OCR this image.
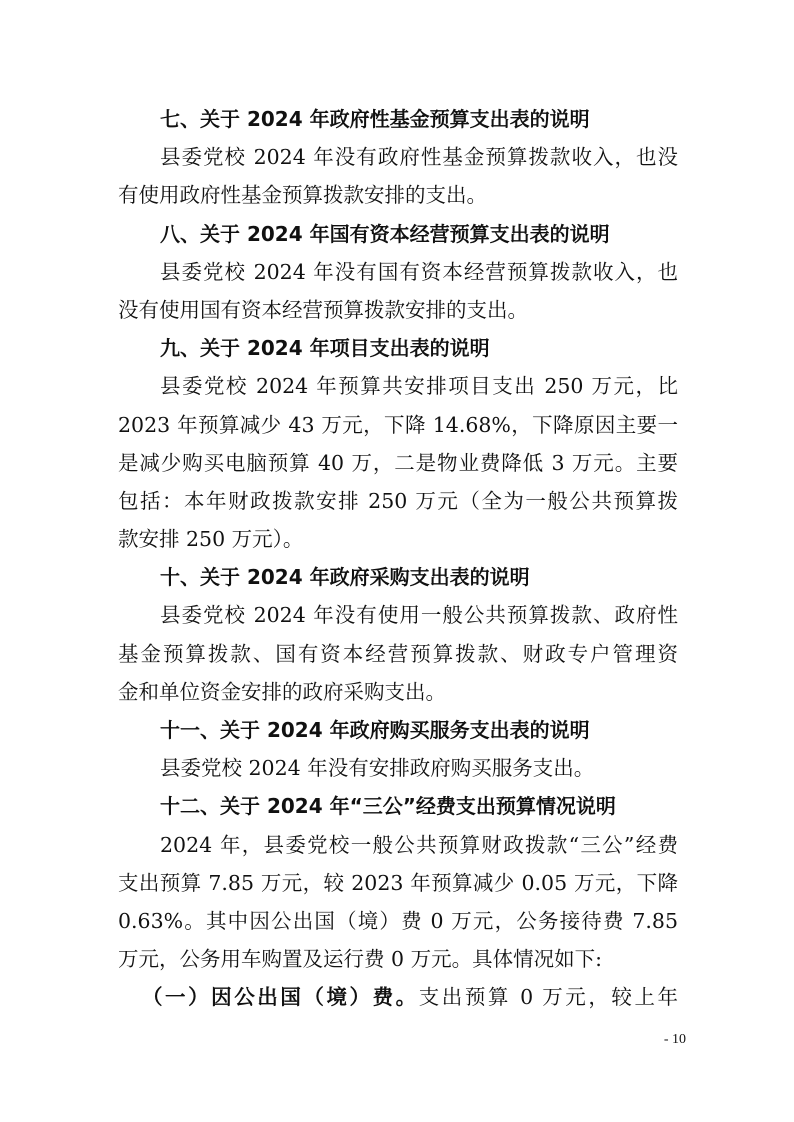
七、关于 2024 年政府性基金预算支出表的说明
县委党校 2024 年没有政府性基金预算拨款收入，也没
有使用政府性基金预算拨款安排的支出。
八、关于 2024 年国有资本经营预算支出表的说明
县委党校 2024 年没有国有资本经营预算拨款收入，也
没有使用国有资本经营预算拨款安排的支出。
九、关于 2024 年项目支出表的说明
县委党校 2024 年预算共安排项目支出 250 万元，比
2023 年预算减少 43 万元，下降 14.68%，下降原因主要一
是减少购买电脑预算 40 万，二是物业费降低 3 万元。主要
包括：本年财政拨款安排 250 万元（全为一般公共预算拨
款安排 250 万元）。
十、关于 2024 年政府采购支出表的说明
县委党校 2024 年没有使用一般公共预算拨款、政府性
基金预算拨款、国有资本经营预算拨款、财政专户管理资
金和单位资金安排的政府采购支出。
十一、关于 2024 年政府购买服务支出表的说明
县委党校 2024 年没有安排政府购买服务支出。
十二、关于 2024 年“三公”经费支出预算情况说明
2024 年，县委党校一般公共预算财政拨款“三公”经费
支出预算 7.85 万元，较 2023 年预算减少 0.05 万元，下降
0.63%。其中因公出国（境）费 0 万元，公务接待费 7.85
万元，公务用车购置及运行费 0 万元。具体情况如下:
（一）因公出国（境）费。支出预算 0 万元，较上年
- 10
